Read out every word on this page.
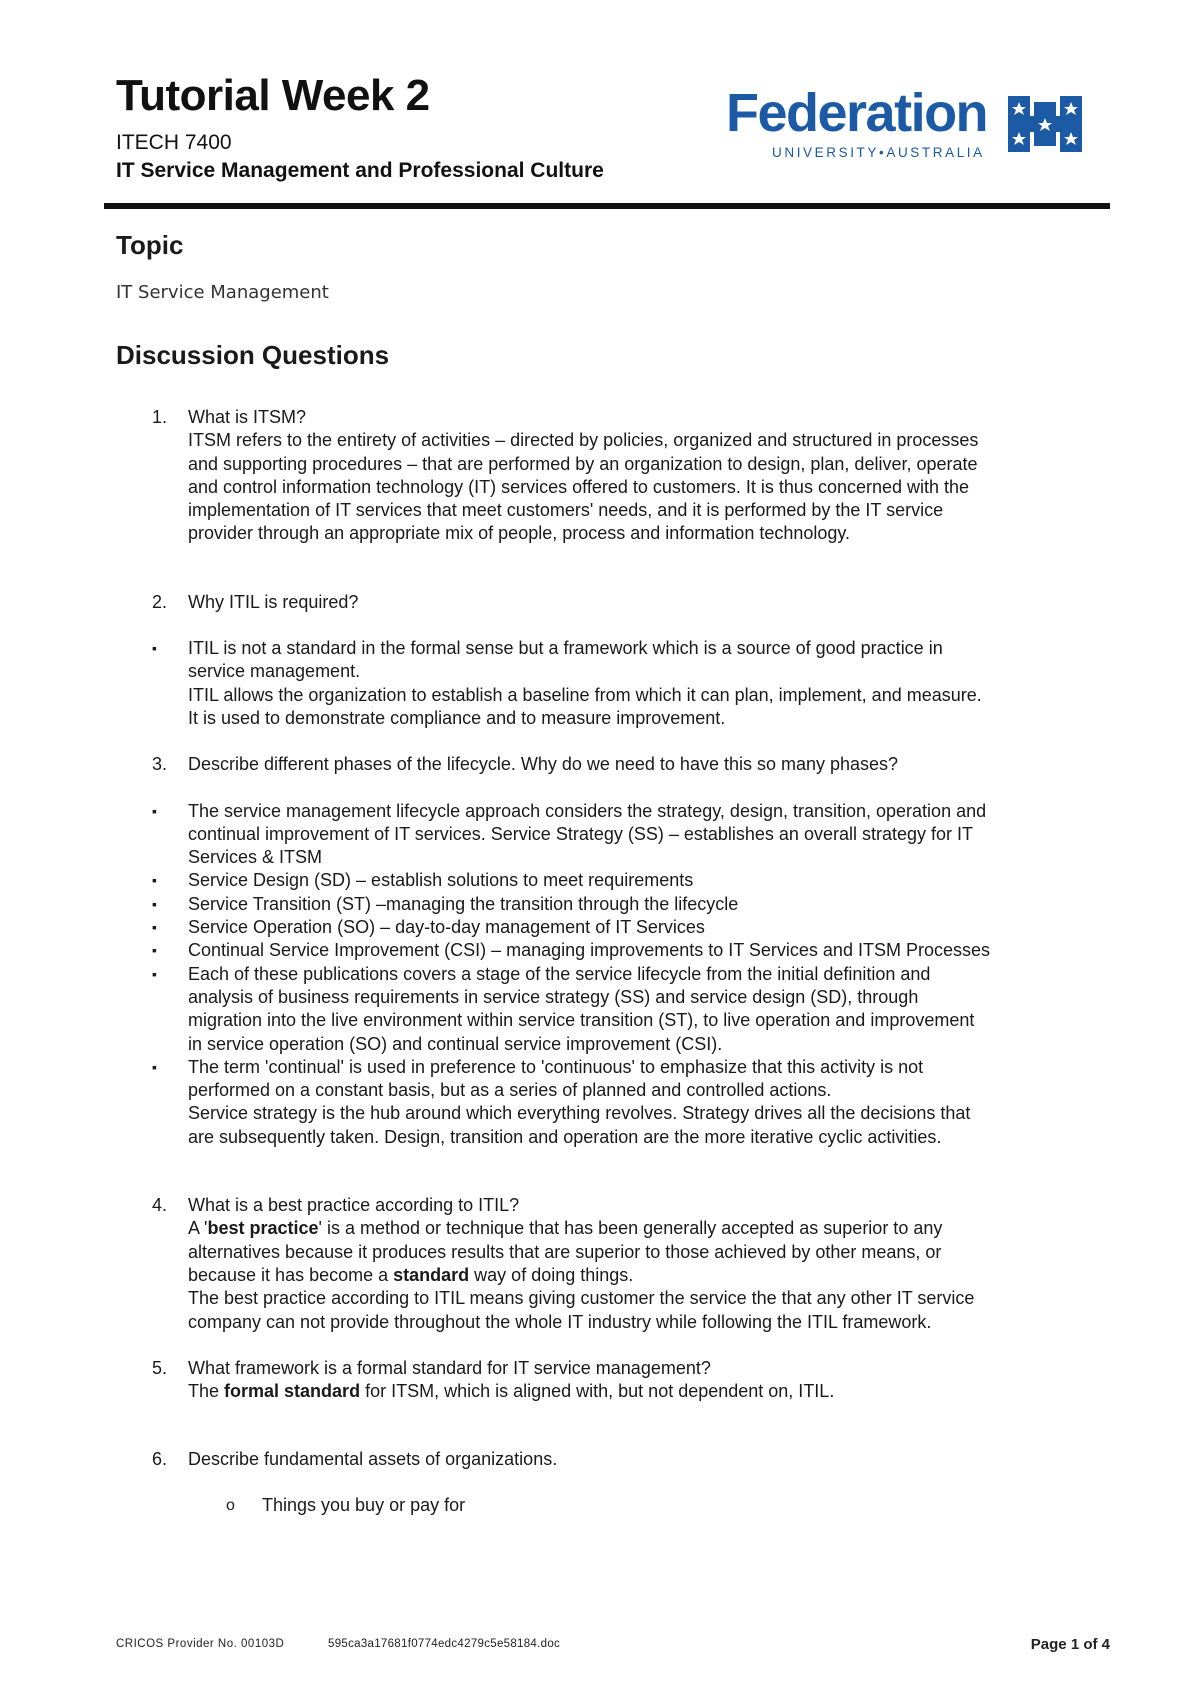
Tutorial Week 2
ITECH 7400
IT Service Management and Professional Culture
Federation
UNIVERSITY•AUSTRALIA
Topic

IT Service Management

Discussion Questions
1. What is ITSM?
ITSM refers to the entirety of activities – directed by policies, organized and structured in processes
and supporting procedures – that are performed by an organization to design, plan, deliver, operate
and control information technology (IT) services offered to customers. It is thus concerned with the
implementation of IT services that meet customers' needs, and it is performed by the IT service
provider through an appropriate mix of people, process and information technology.
2. Why ITIL is required?
▪ ITIL is not a standard in the formal sense but a framework which is a source of good practice in
service management.
ITIL allows the organization to establish a baseline from which it can plan, implement, and measure.
It is used to demonstrate compliance and to measure improvement.
3. Describe different phases of the lifecycle. Why do we need to have this so many phases?
▪ The service management lifecycle approach considers the strategy, design, transition, operation and
continual improvement of IT services. Service Strategy (SS) – establishes an overall strategy for IT
Services & ITSM
▪ Service Design (SD) – establish solutions to meet requirements
▪ Service Transition (ST) –managing the transition through the lifecycle
▪ Service Operation (SO) – day-to-day management of IT Services
▪ Continual Service Improvement (CSI) – managing improvements to IT Services and ITSM Processes
▪ Each of these publications covers a stage of the service lifecycle from the initial definition and
analysis of business requirements in service strategy (SS) and service design (SD), through
migration into the live environment within service transition (ST), to live operation and improvement
in service operation (SO) and continual service improvement (CSI).
▪ The term 'continual' is used in preference to 'continuous' to emphasize that this activity is not
performed on a constant basis, but as a series of planned and controlled actions.
Service strategy is the hub around which everything revolves. Strategy drives all the decisions that
are subsequently taken. Design, transition and operation are the more iterative cyclic activities.
4. What is a best practice according to ITIL?
A 'best practice' is a method or technique that has been generally accepted as superior to any
alternatives because it produces results that are superior to those achieved by other means, or
because it has become a standard way of doing things.
The best practice according to ITIL means giving customer the service the that any other IT service
company can not provide throughout the whole IT industry while following the ITIL framework.
5. What framework is a formal standard for IT service management?
The formal standard for ITSM, which is aligned with, but not dependent on, ITIL.
6. Describe fundamental assets of organizations.
o Things you buy or pay for
CRICOS Provider No. 00103D	595ca3a17681f0774edc4279c5e58184.doc	Page 1 of 4
